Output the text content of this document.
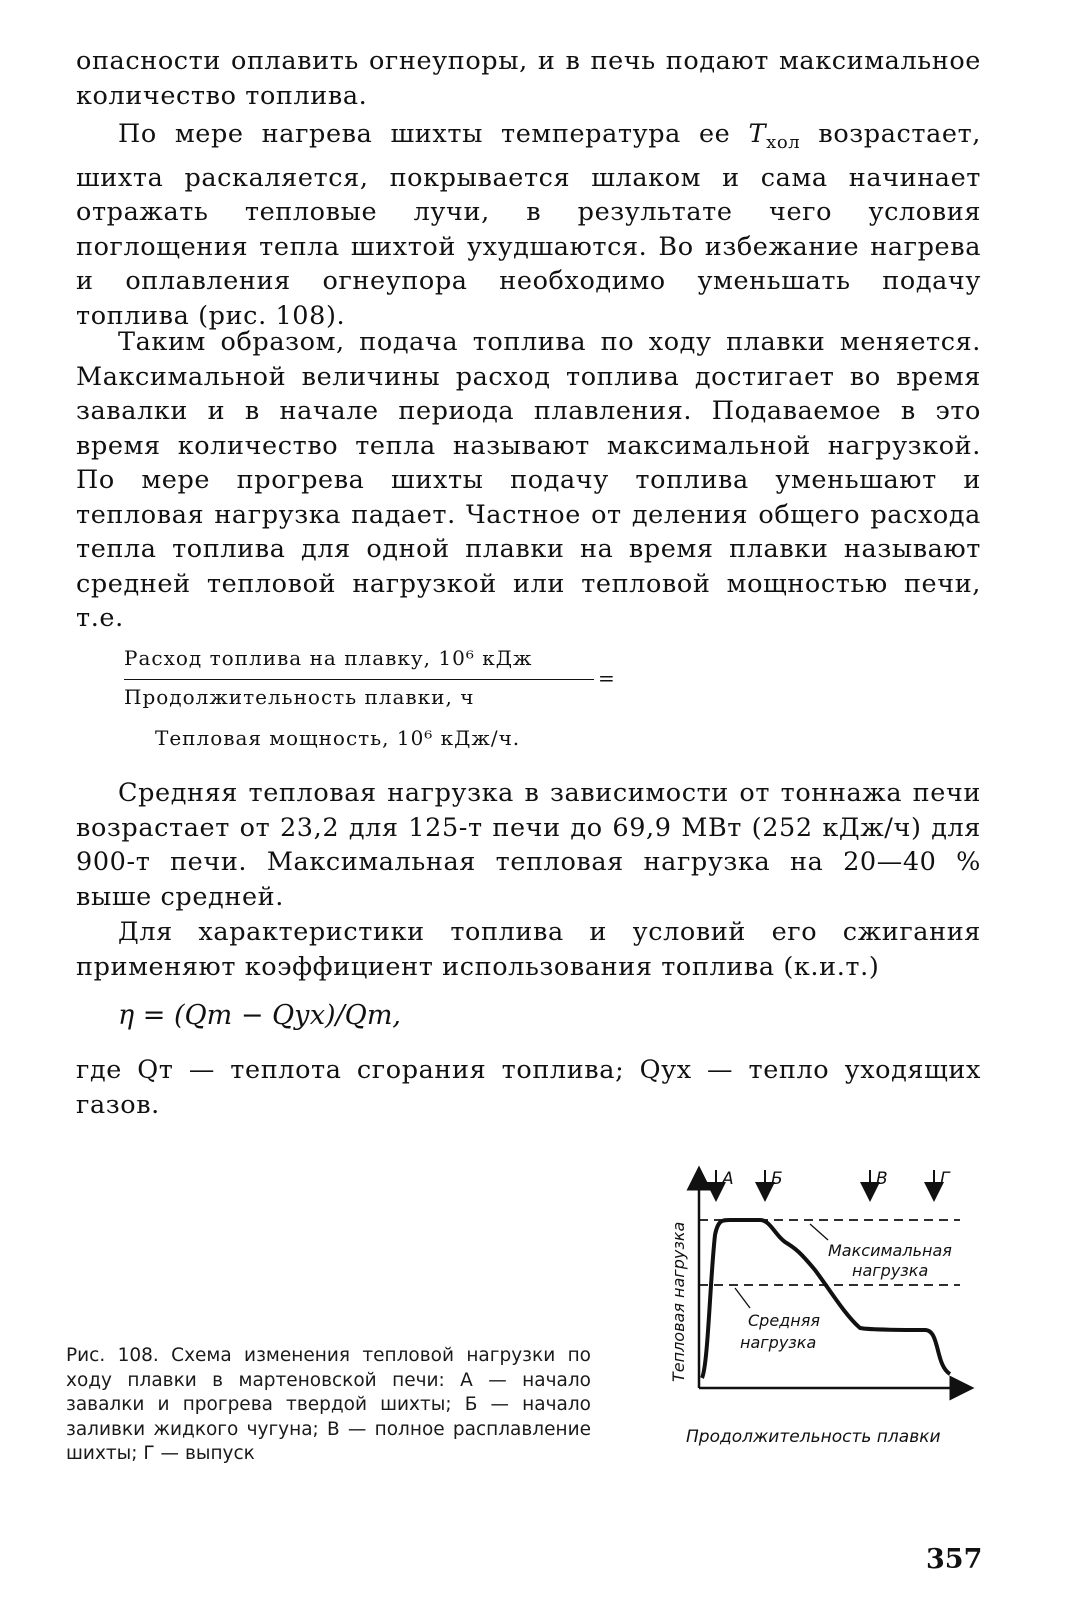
опасности оплавить огнеупоры, и в печь подают максимальное количество топлива.

По мере нагрева шихты температура ее $T_{хол}$ возрастает, шихта раскаляется, покрывается шлаком и сама начинает отражать тепловые лучи, в результате чего условия поглощения тепла шихтой ухудшаются. Во избежание нагрева и оплавления огнеупора необходимо уменьшать подачу топлива (рис. 108).

Таким образом, подача топлива по ходу плавки меняется. Максимальной величины расход топлива достигает во время завалки и в начале периода плавления. Подаваемое в это время количество тепла называют максимальной нагрузкой. По мере прогрева шихты подачу топлива уменьшают и тепловая нагрузка падает. Частное от деления общего расхода тепла топлива для одной плавки на время плавки называют средней тепловой нагрузкой или тепловой мощностью печи, т.е.

Расход топлива на плавку, 10⁶ кДж
=
Продолжительность плавки, ч
Тепловая мощность, 10⁶ кДж/ч.

Средняя тепловая нагрузка в зависимости от тоннажа печи возрастает от 23,2 для 125-т печи до 69,9 МВт (252 кДж/ч) для 900-т печи. Максимальная тепловая нагрузка на 20—40 % выше средней.

Для характеристики топлива и условий его сжигания применяют коэффициент использования топлива (к.и.т.)

η = (Qт − Qух)/Qт,

где Qт — теплота сгорания топлива; Qух — тепло уходящих газов.

А Б	В	Г
Максимальная
нагрузка
Средняя
нагрузка
Тепловая нагрузка
Продолжительность плавки
Рис. 108. Схема изменения тепловой нагрузки по ходу плавки в мартеновской печи: А — начало завалки и прогрева твердой шихты; Б — начало заливки жидкого чугуна; В — полное расплавление шихты; Г — выпуск
357
